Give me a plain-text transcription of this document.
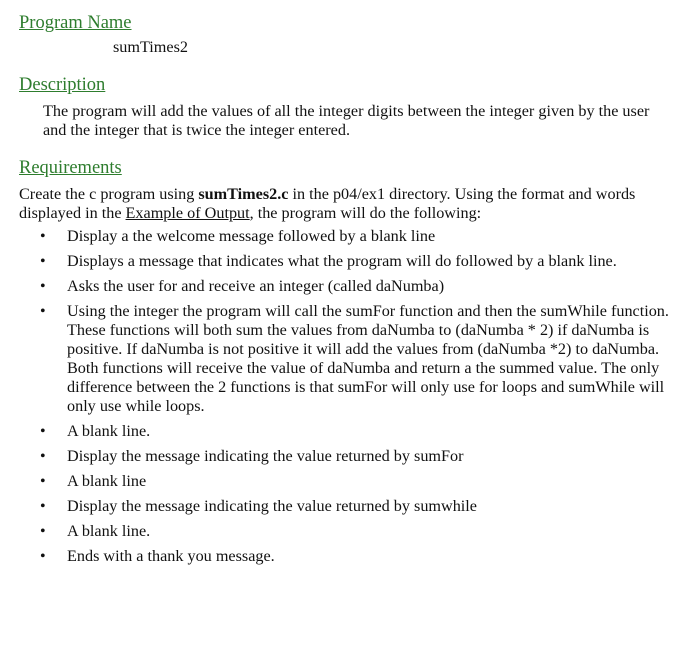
Program Name
sumTimes2
Description
The program will add the values of all the integer digits between the integer given by the user and the integer that is twice the integer entered.
Requirements
Create the c program using sumTimes2.c in the p04/ex1 directory. Using the format and words displayed in the Example of Output, the program will do the following:
• Display a the welcome message followed by a blank line
• Displays a message that indicates what the program will do followed by a blank line.
• Asks the user for and receive an integer (called daNumba)
• Using the integer the program will call the sumFor function and then the sumWhile function. These functions will both sum the values from daNumba to (daNumba * 2) if daNumba is positive. If daNumba is not positive it will add the values from (daNumba *2) to daNumba. Both functions will receive the value of daNumba and return a the summed value. The only difference between the 2 functions is that sumFor will only use for loops and sumWhile will only use while loops.
• A blank line.
• Display the message indicating the value returned by sumFor
• A blank line
• Display the message indicating the value returned by sumwhile
• A blank line.
• Ends with a thank you message.
